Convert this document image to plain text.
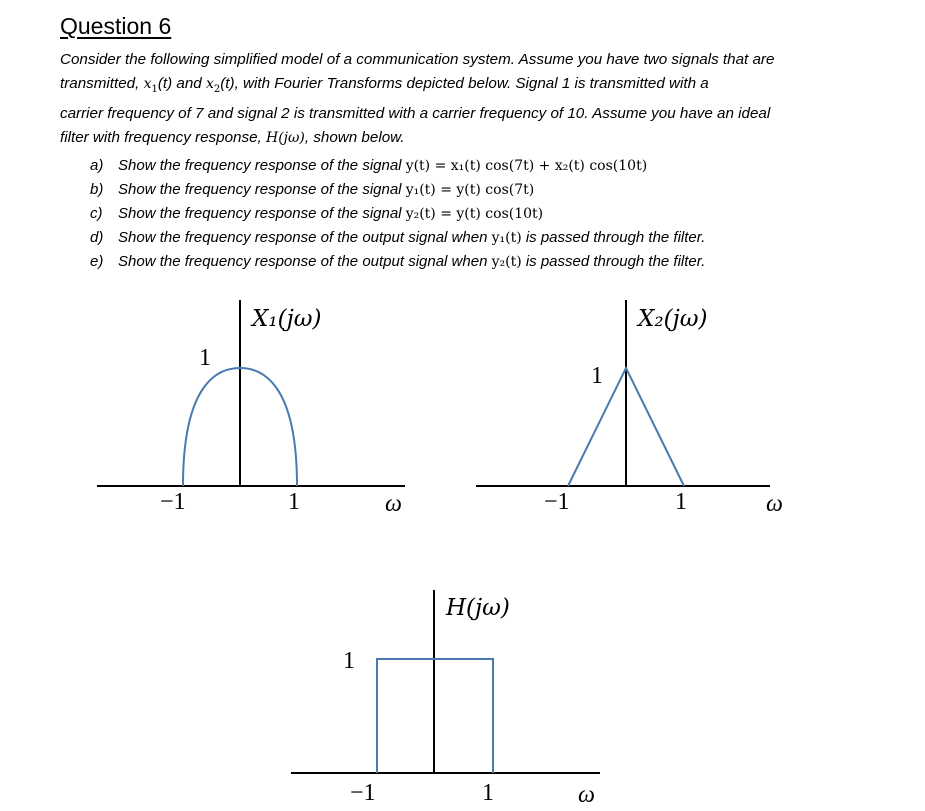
Question 6
Consider the following simplified model of a communication system. Assume you have two signals that are
transmitted, $x_1(t)$ and $x_2(t)$, with Fourier Transforms depicted below. Signal 1 is transmitted with a
carrier frequency of 7 and signal 2 is transmitted with a carrier frequency of 10. Assume you have an ideal
filter with frequency response, H(jω), shown below.
a) Show the frequency response of the signal y(t) = x₁(t) cos(7t) + x₂(t) cos(10t)
b) Show the frequency response of the signal y₁(t) = y(t) cos(7t)
c) Show the frequency response of the signal y₂(t) = y(t) cos(10t)
d) Show the frequency response of the output signal when y₁(t) is passed through the filter.
e) Show the frequency response of the output signal when y₂(t) is passed through the filter.
X₁(jω)
1
−1	1	ω
X₂(jω)
1
−1	1	ω
H(jω)
1
−1	1	ω
